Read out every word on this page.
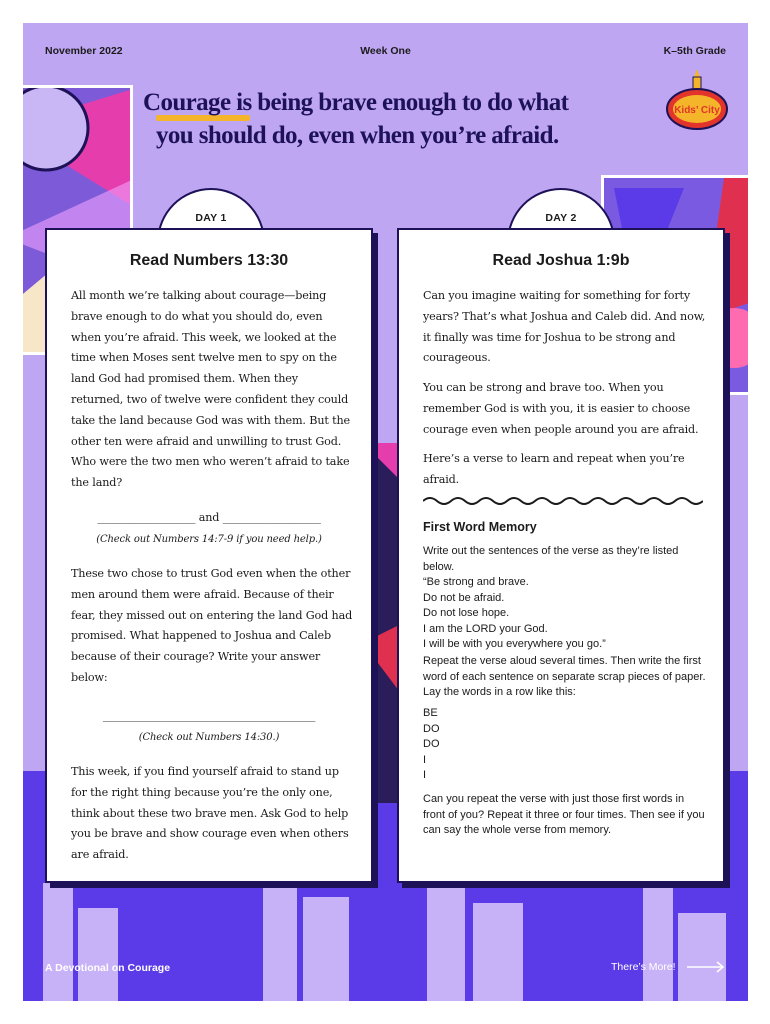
November 2022	Week One	K–5th Grade
Courage is being brave enough to do what
you should do, even when you’re afraid.
Kids’ City
DAY 1	DAY 2
Read Numbers 13:30

All month we’re talking about courage—being brave enough to do what you should do, even when you’re afraid. This week, we looked at the time when Moses sent twelve men to spy on the land God had promised them. When they returned, two of twelve were confident they could take the land because God was with them. But the other ten were afraid and unwilling to trust God. Who were the two men who weren’t afraid to take the land?

__________________ and __________________

(Check out Numbers 14:7-9 if you need help.)

These two chose to trust God even when the other men around them were afraid. Because of their fear, they missed out on entering the land God had promised. What happened to Joshua and Caleb because of their courage? Write your answer below:

_______________________________________

(Check out Numbers 14:30.)

This week, if you find yourself afraid to stand up for the right thing because you’re the only one, think about these two brave men. Ask God to help you be brave and show courage even when others are afraid.

Read Joshua 1:9b

Can you imagine waiting for something for forty years? That’s what Joshua and Caleb did. And now, it finally was time for Joshua to be strong and courageous.

You can be strong and brave too. When you remember God is with you, it is easier to choose courage even when people around you are afraid.

Here’s a verse to learn and repeat when you’re afraid.

First Word Memory

Write out the sentences of the verse as they’re listed below.

“Be strong and brave.
Do not be afraid.
Do not lose hope.
I am the LORD your God.
I will be with you everywhere you go.”

Repeat the verse aloud several times. Then write the first word of each sentence on separate scrap pieces of paper. Lay the words in a row like this:

BE
DO
DO
I
I

Can you repeat the verse with just those first words in front of you? Repeat it three or four times. Then see if you can say the whole verse from memory.

A Devotional on Courage	There’s More!
